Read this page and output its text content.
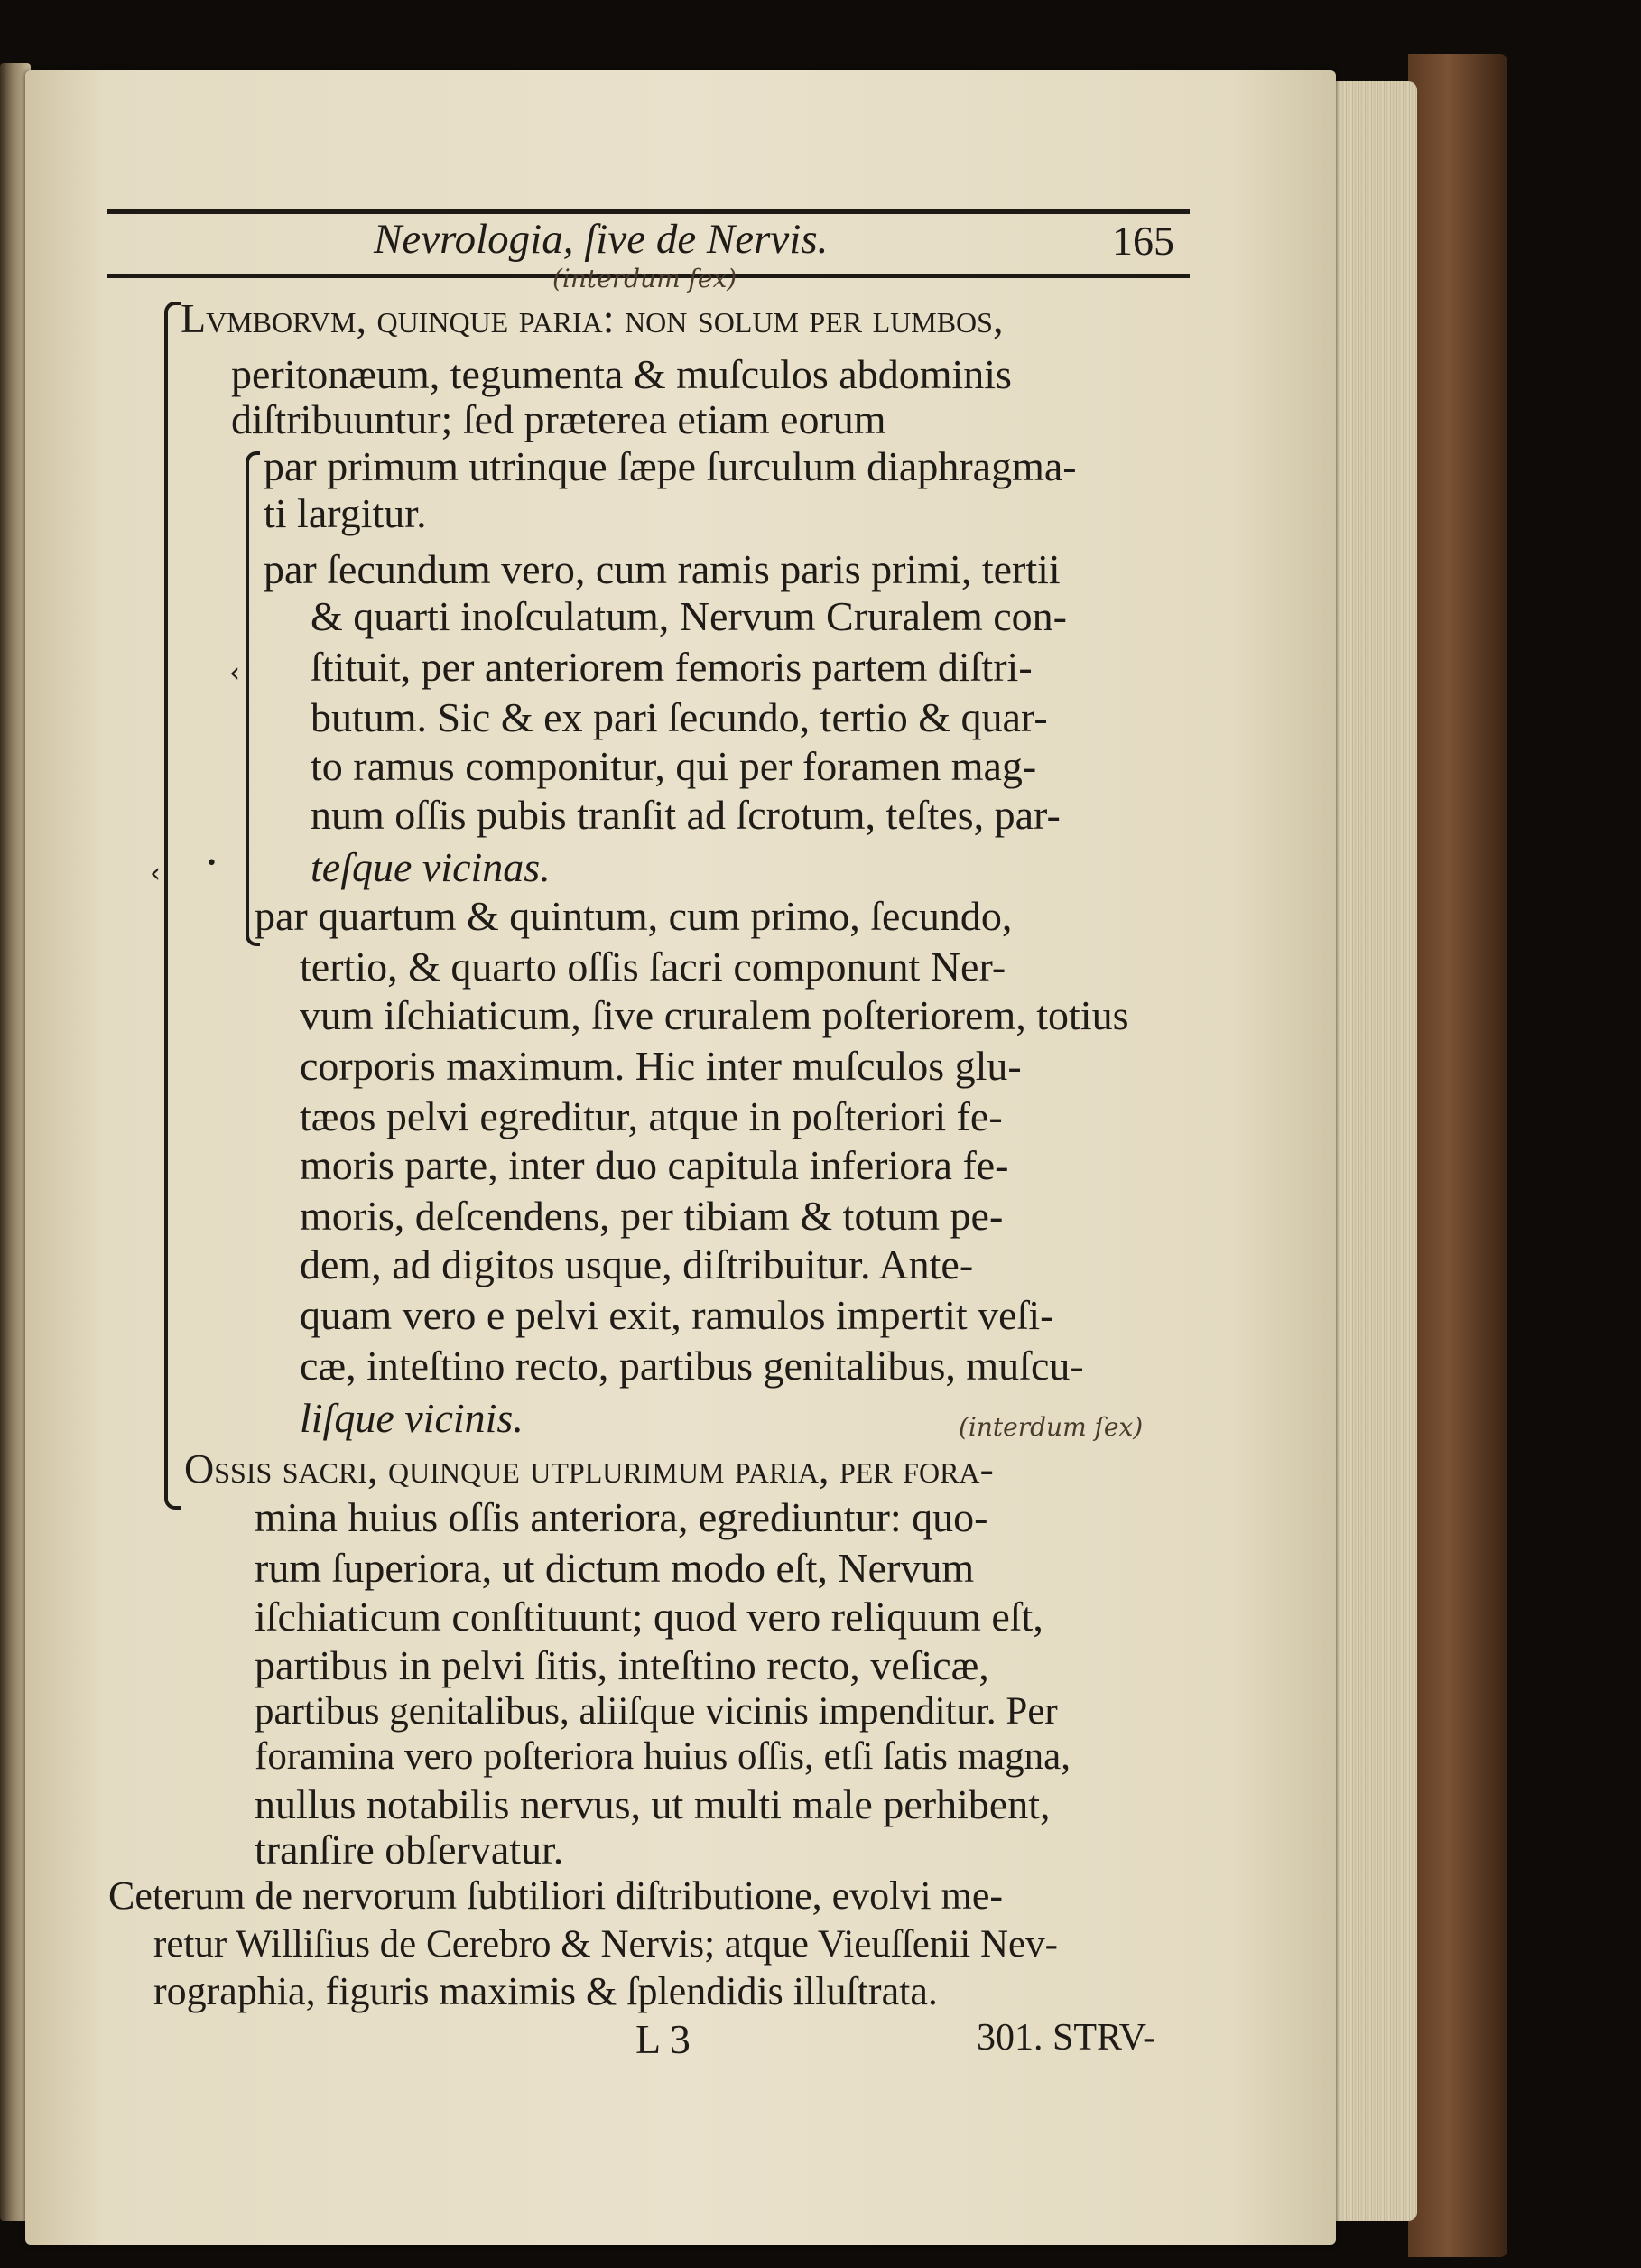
Nevrologia, ſive de Nervis.	165
(interdum ſex)
(interdum ſex)
‹
‹ •
Lvmborvm, quinque paria: non ſolum per lumbos,
peritonæum, tegumenta & muſculos abdominis
diſtribuuntur; ſed præterea etiam eorum
par primum utrinque ſæpe ſurculum diaphragma-
ti largitur.
par ſecundum vero, cum ramis paris primi, tertii
& quarti inoſculatum, Nervum Cruralem con-
ſtituit, per anteriorem femoris partem diſtri-
butum. Sic & ex pari ſecundo, tertio & quar-
to ramus componitur, qui per foramen mag-
num oſſis pubis tranſit ad ſcrotum, teſtes, par-
teſque vicinas.
par quartum & quintum, cum primo, ſecundo,
tertio, & quarto oſſis ſacri componunt Ner-
vum iſchiaticum, ſive cruralem poſteriorem, totius
corporis maximum. Hic inter muſculos glu-
tæos pelvi egreditur, atque in poſteriori fe-
moris parte, inter duo capitula inferiora fe-
moris, deſcendens, per tibiam & totum pe-
dem, ad digitos usque, diſtribuitur. Ante-
quam vero e pelvi exit, ramulos impertit veſi-
cæ, inteſtino recto, partibus genitalibus, muſcu-
liſque vicinis.
Ossis sacri, quinque utplurimum paria, per fora-
mina huius oſſis anteriora, egrediuntur: quo-
rum ſuperiora, ut dictum modo eſt, Nervum
iſchiaticum conſtituunt; quod vero reliquum eſt,
partibus in pelvi ſitis, inteſtino recto, veſicæ,
partibus genitalibus, aliiſque vicinis impenditur. Per
foramina vero poſteriora huius oſſis, etſi ſatis magna,
nullus notabilis nervus, ut multi male perhibent,
tranſire obſervatur.
Ceterum de nervorum ſubtiliori diſtributione, evolvi me-
retur Williſius de Cerebro & Nervis; atque Vieuſſenii Nev-
rographia, figuris maximis & ſplendidis illuſtrata.
L 3	301. STRV-
